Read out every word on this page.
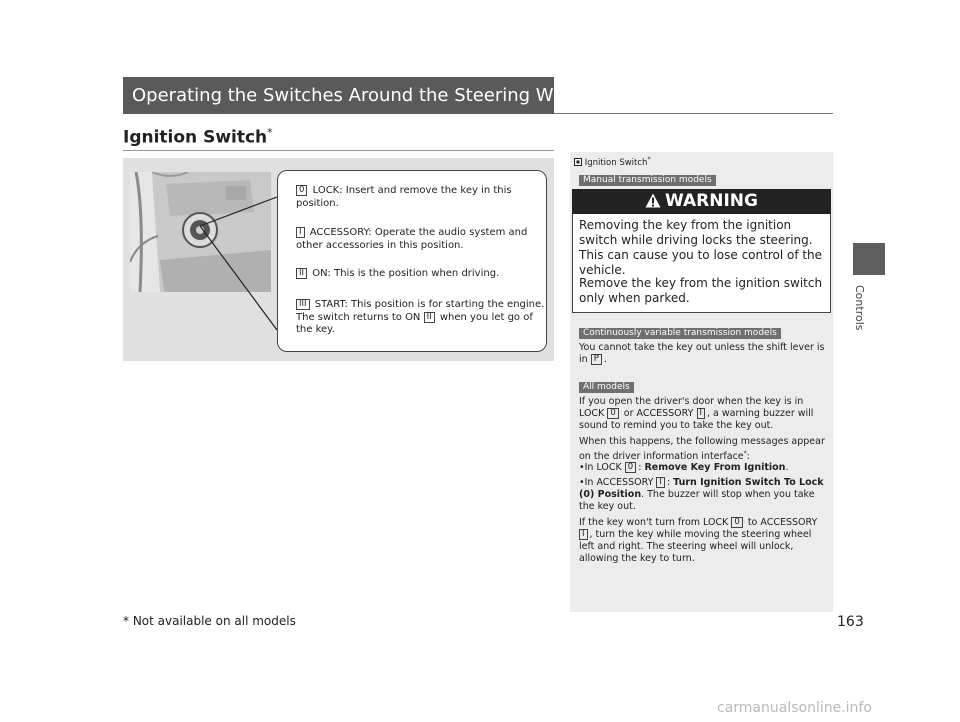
Operating the Switches Around the Steering Wheel
Ignition Switch*
0 LOCK: Insert and remove the key in this position.
I ACCESSORY: Operate the audio system and other accessories in this position.
II ON: This is the position when driving.
III START: This position is for starting the engine. The switch returns to ON II when you let go of the key.
Ignition Switch*
Manual transmission models
WARNING
Removing the key from the ignition switch while driving locks the steering. This can cause you to lose control of the vehicle.
Remove the key from the ignition switch only when parked.
Continuously variable transmission models
You cannot take the key out unless the shift lever is in P .
All models
If you open the driver's door when the key is in LOCK 0 or ACCESSORY I , a warning buzzer will sound to remind you to take the key out.
When this happens, the following messages appear on the driver information interface*:
•In LOCK 0 : Remove Key From Ignition.
•In ACCESSORY I : Turn Ignition Switch To Lock (0) Position. The buzzer will stop when you take the key out.
If the key won't turn from LOCK 0 to ACCESSORY I , turn the key while moving the steering wheel left and right. The steering wheel will unlock, allowing the key to turn.
Controls
* Not available on all models	163
carmanualsonline.info
